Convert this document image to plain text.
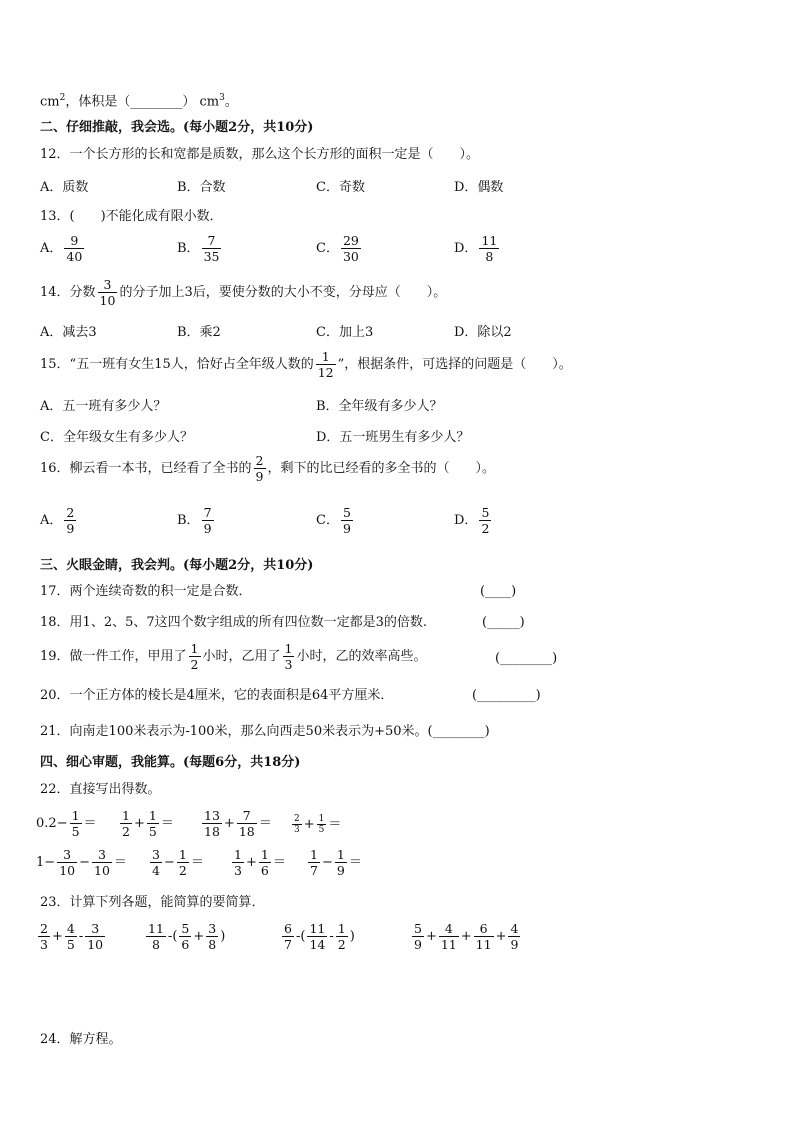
$cm^2$，体积是（________） $cm^3$。
二、仔细推敲，我会选。(每小题2分，共10分)
12．一个长方形的长和宽都是质数，那么这个长方形的面积一定是（　　）。
A．质数	B．合数	C．奇数	D．偶数
13．(　　)不能化成有限小数．
A． $\frac{9}{40}$	B． $\frac{7}{35}$	C． $\frac{29}{30}$	D． $\frac{11}{8}$
14．分数 $\frac{3}{10}$ 的分子加上3后，要使分数的大小不变，分母应（　　）。
A．减去3	B．乘2	C．加上3	D．除以2
15．“五一班有女生15人，恰好占全年级人数的 $\frac{1}{12}$ ”，根据条件，可选择的问题是（　　）。
A．五一班有多少人？	B．全年级有多少人？
C．全年级女生有多少人？	D．五一班男生有多少人？
16．柳云看一本书，已经看了全书的 $\frac{2}{9}$ ，剩下的比已经看的多全书的（　　）。
A． $\frac{2}{9}$	B． $\frac{7}{9}$	C． $\frac{5}{9}$	D． $\frac{5}{2}$
三、火眼金睛，我会判。(每小题2分，共10分)
17．两个连续奇数的积一定是合数．	(____)
18．用1、2、5、7这四个数字组成的所有四位数一定都是3的倍数.	(_____)
19．做一件工作，甲用了 $\frac{1}{2}$ 小时，乙用了 $\frac{1}{3}$ 小时，乙的效率高些。	(________)
20．一个正方体的棱长是4厘米，它的表面积是64平方厘米．	(_________)
21．向南走100米表示为-100米，那么向西走50米表示为+50米。(________)
四、细心审题，我能算。(每题6分，共18分)
22．直接写出得数。
$0.2- \frac{1}{5} = \frac{1}{2} + \frac{1}{5} = \frac{13}{18} + \frac{7}{18} = \frac{2}{3} + \frac{1}{5}$ ＝
$1- \frac{3}{10} - \frac{3}{10} = \frac{3}{4} - \frac{1}{2} = \frac{1}{3} + \frac{1}{6} = \frac{1}{7} - \frac{1}{9}$ ＝
23．计算下列各题，能简算的要简算．
$\frac{2}{3} + \frac{4}{5} - \frac{3}{10}$	$\frac{11}{8}$ -( $\frac{5}{6} + \frac{3}{8}$ )	$\frac{6}{7}$ -( $\frac{11}{14} - \frac{1}{2}$ )	$\frac{5}{9} + \frac{4}{11} + \frac{6}{11} + \frac{4}{9}$
24．解方程。
